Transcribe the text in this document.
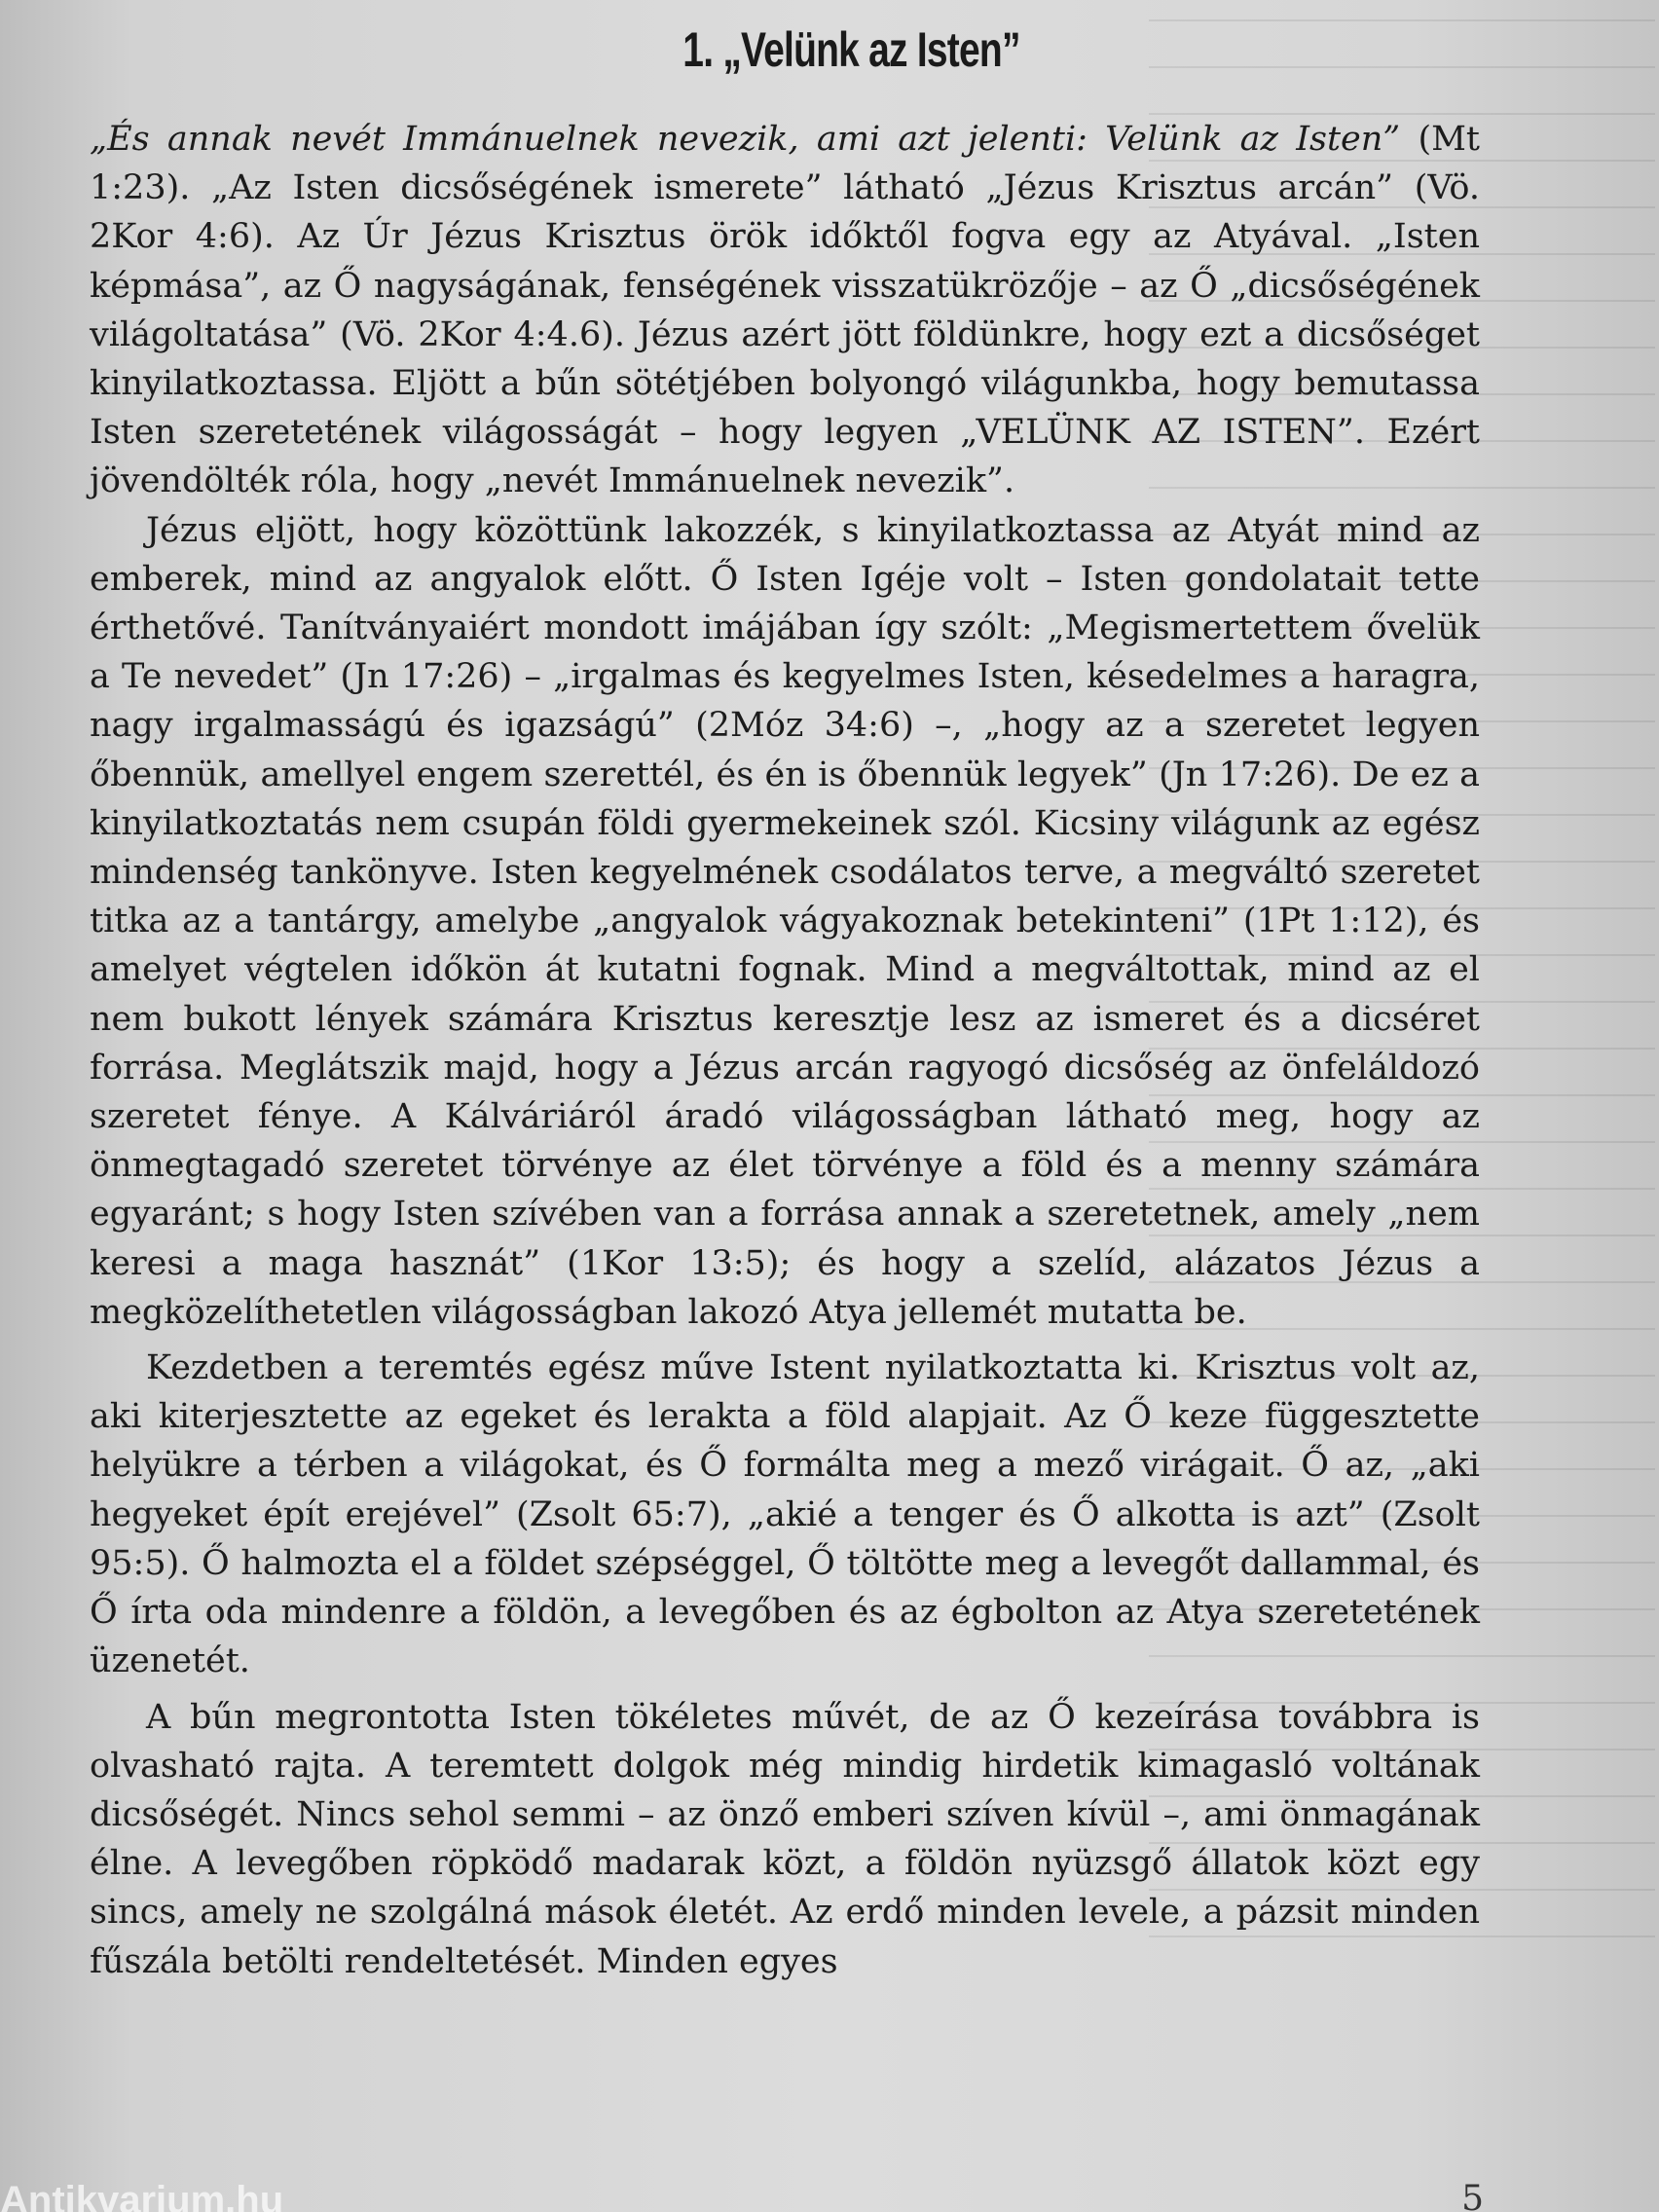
1. „Velünk az Isten”

„És annak nevét Immánuelnek nevezik, ami azt jelenti: Velünk az Isten” (Mt 1:23). „Az Isten dicsőségének ismerete” látható „Jézus Krisztus arcán” (Vö. 2Kor 4:6). Az Úr Jézus Krisztus örök időktől fogva egy az Atyával. „Isten képmása”, az Ő nagyságának, fenségének visszatükrözője – az Ő „dicsőségének világoltatása” (Vö. 2Kor 4:4.6). Jézus azért jött földünkre, hogy ezt a dicsőséget kinyilatkoztassa. Eljött a bűn sötétjében bolyongó világunkba, hogy bemutassa Isten szeretetének világosságát – hogy legyen „VELÜNK AZ ISTEN”. Ezért jövendölték róla, hogy „nevét Immánuelnek nevezik”.

Jézus eljött, hogy közöttünk lakozzék, s kinyilatkoztassa az Atyát mind az emberek, mind az angyalok előtt. Ő Isten Igéje volt – Isten gondolatait tette érthetővé. Tanítványaiért mondott imájában így szólt: „Megismertettem ővelük a Te nevedet” (Jn 17:26) – „irgalmas és kegyelmes Isten, késedelmes a haragra, nagy irgalmasságú és igazságú” (2Móz 34:6) –, „hogy az a szeretet legyen őbennük, amellyel engem szerettél, és én is őbennük legyek” (Jn 17:26). De ez a kinyilatkoztatás nem csupán földi gyermekeinek szól. Kicsiny világunk az egész mindenség tankönyve. Isten kegyelmének csodálatos terve, a megváltó szeretet titka az a tantárgy, amelybe „angyalok vágyakoznak betekinteni” (1Pt 1:12), és amelyet végtelen időkön át kutatni fognak. Mind a megváltottak, mind az el nem bukott lények számára Krisztus keresztje lesz az ismeret és a dicséret forrása. Meglátszik majd, hogy a Jézus arcán ragyogó dicsőség az önfeláldozó szeretet fénye. A Kálváriáról áradó világosságban látható meg, hogy az önmegtagadó szeretet törvénye az élet törvénye a föld és a menny számára egyaránt; s hogy Isten szívében van a forrása annak a szeretetnek, amely „nem keresi a maga hasznát” (1Kor 13:5); és hogy a szelíd, alázatos Jézus a megközelíthetetlen világosságban lakozó Atya jellemét mutatta be.

Kezdetben a teremtés egész műve Istent nyilatkoztatta ki. Krisztus volt az, aki kiterjesztette az egeket és lerakta a föld alapjait. Az Ő keze függesztette helyükre a térben a világokat, és Ő formálta meg a mező virágait. Ő az, „aki hegyeket épít erejével” (Zsolt 65:7), „akié a tenger és Ő alkotta is azt” (Zsolt 95:5). Ő halmozta el a földet szépséggel, Ő töltötte meg a levegőt dallammal, és Ő írta oda mindenre a földön, a levegőben és az égbolton az Atya szeretetének üzenetét.

A bűn megrontotta Isten tökéletes művét, de az Ő kezeírása továbbra is olvasható rajta. A teremtett dolgok még mindig hirdetik kimagasló voltának dicsőségét. Nincs sehol semmi – az önző emberi szíven kívül –, ami önmagának élne. A levegőben röpködő madarak közt, a földön nyüzsgő állatok közt egy sincs, amely ne szolgálná mások életét. Az erdő minden levele, a pázsit minden fűszála betölti rendeltetését. Minden egyes

Antikvarium.hu	5
